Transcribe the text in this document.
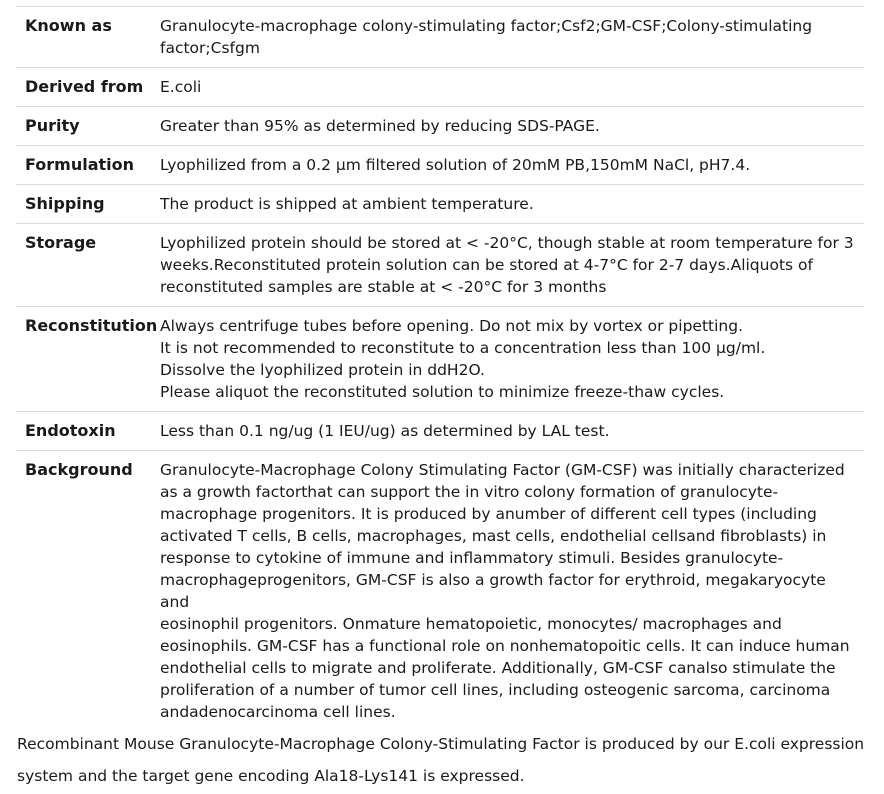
Known as	Granulocyte-macrophage colony-stimulating factor;Csf2;GM-CSF;Colony-stimulating
factor;Csfgm
Derived from	E.coli
Purity	Greater than 95% as determined by reducing SDS-PAGE.
Formulation	Lyophilized from a 0.2 μm filtered solution of 20mM PB,150mM NaCl, pH7.4.
Shipping	The product is shipped at ambient temperature.
Storage	Lyophilized protein should be stored at < -20°C, though stable at room temperature for 3
weeks.Reconstituted protein solution can be stored at 4-7°C for 2-7 days.Aliquots of
reconstituted samples are stable at < -20°C for 3 months
Reconstitution Always centrifuge tubes before opening. Do not mix by vortex or pipetting.
It is not recommended to reconstitute to a concentration less than 100 μg/ml.
Dissolve the lyophilized protein in ddH2O.
Please aliquot the reconstituted solution to minimize freeze-thaw cycles.
Endotoxin	Less than 0.1 ng/ug (1 IEU/ug) as determined by LAL test.
Background	Granulocyte-Macrophage Colony Stimulating Factor (GM-CSF) was initially characterized
as a growth factorthat can support the in vitro colony formation of granulocyte-
macrophage progenitors. It is produced by anumber of different cell types (including
activated T cells, B cells, macrophages, mast cells, endothelial cellsand fibroblasts) in
response to cytokine of immune and inflammatory stimuli. Besides granulocyte-
macrophageprogenitors, GM-CSF is also a growth factor for erythroid, megakaryocyte and
eosinophil progenitors. Onmature hematopoietic, monocytes/ macrophages and
eosinophils. GM-CSF has a functional role on nonhematopoitic cells. It can induce human
endothelial cells to migrate and proliferate. Additionally, GM-CSF canalso stimulate the
proliferation of a number of tumor cell lines, including osteogenic sarcoma, carcinoma
andadenocarcinoma cell lines.
Recombinant Mouse Granulocyte-Macrophage Colony-Stimulating Factor is produced by our E.coli expression
system and the target gene encoding Ala18-Lys141 is expressed.
